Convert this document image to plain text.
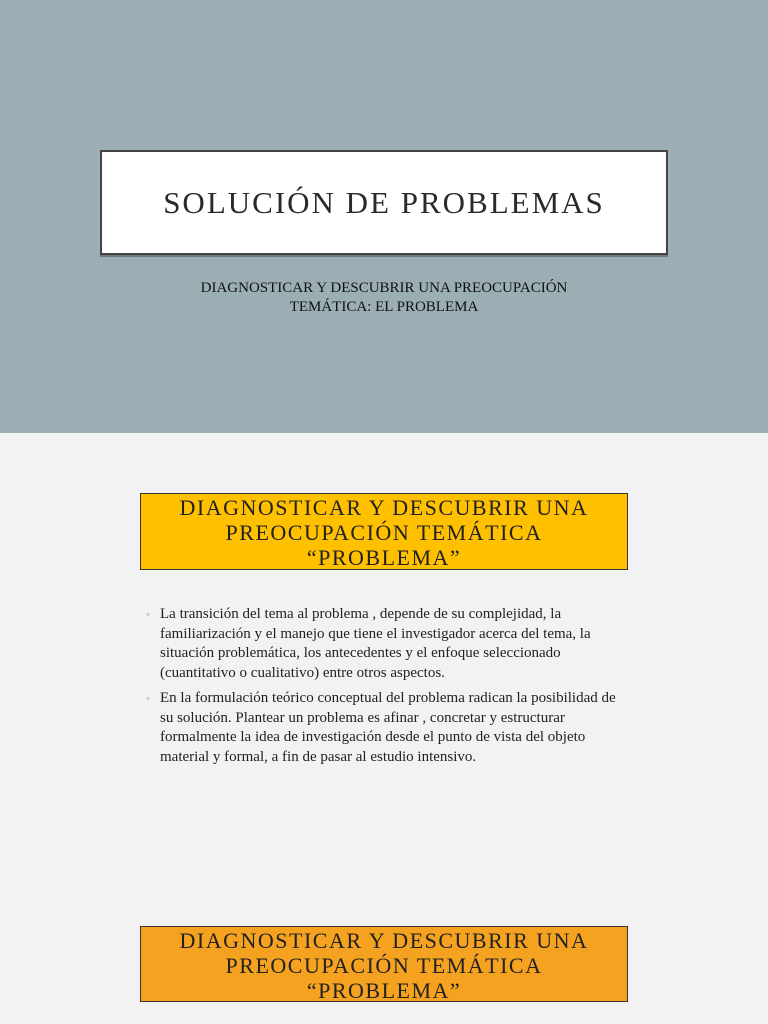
SOLUCIÓN DE PROBLEMAS
DIAGNOSTICAR Y DESCUBRIR UNA PREOCUPACIÓN
TEMÁTICA: EL PROBLEMA
DIAGNOSTICAR Y DESCUBRIR UNA
PREOCUPACIÓN TEMÁTICA
“PROBLEMA”
◦ La transición del tema al problema , depende de su complejidad, la familiarización y el manejo que tiene el investigador acerca del tema, la situación problemática, los antecedentes y el enfoque seleccionado (cuantitativo o cualitativo) entre otros aspectos.
◦ En la formulación teórico conceptual del problema radican la posibilidad de su solución. Plantear un problema es afinar , concretar y estructurar formalmente la idea de investigación desde el punto de vista del objeto material y formal, a fin de pasar al estudio intensivo.
DIAGNOSTICAR Y DESCUBRIR UNA
PREOCUPACIÓN TEMÁTICA
“PROBLEMA”
